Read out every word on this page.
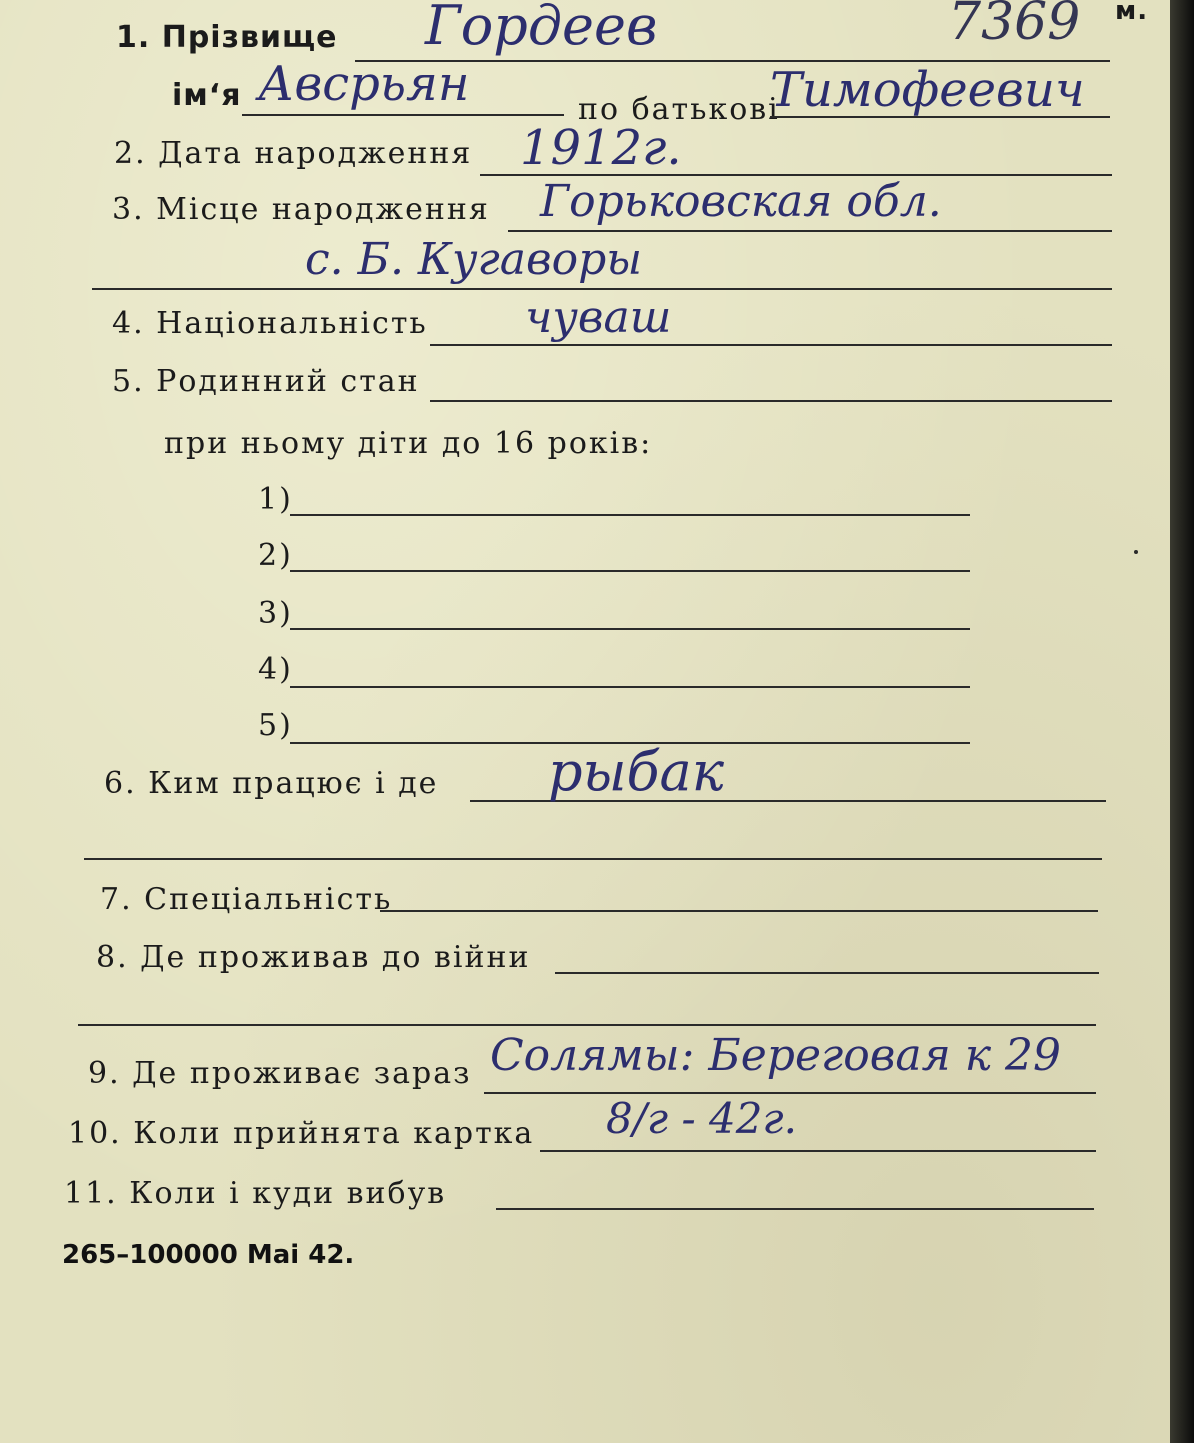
1. Прізвище Гордеев	7369 м.
ім‘я Авсрьян	по батькові
Тимофеевич
2. Дата народження 1912г.
3. Місце народження Горьковская обл.
с. Б. Кугаворы
4. Національність чуваш
5. Родинний стан
при ньому діти до 16 років:
1)
2)
3)
4)
5)
6. Ким працює і де рыбак
7. Спеціальність
8. Де проживав до війни
9. Де проживає зараз Солямы: Береговая к 29
10. Коли прийнята картка 8/г - 42г.
11. Коли і куди вибув
265–100000 Mai 42.
